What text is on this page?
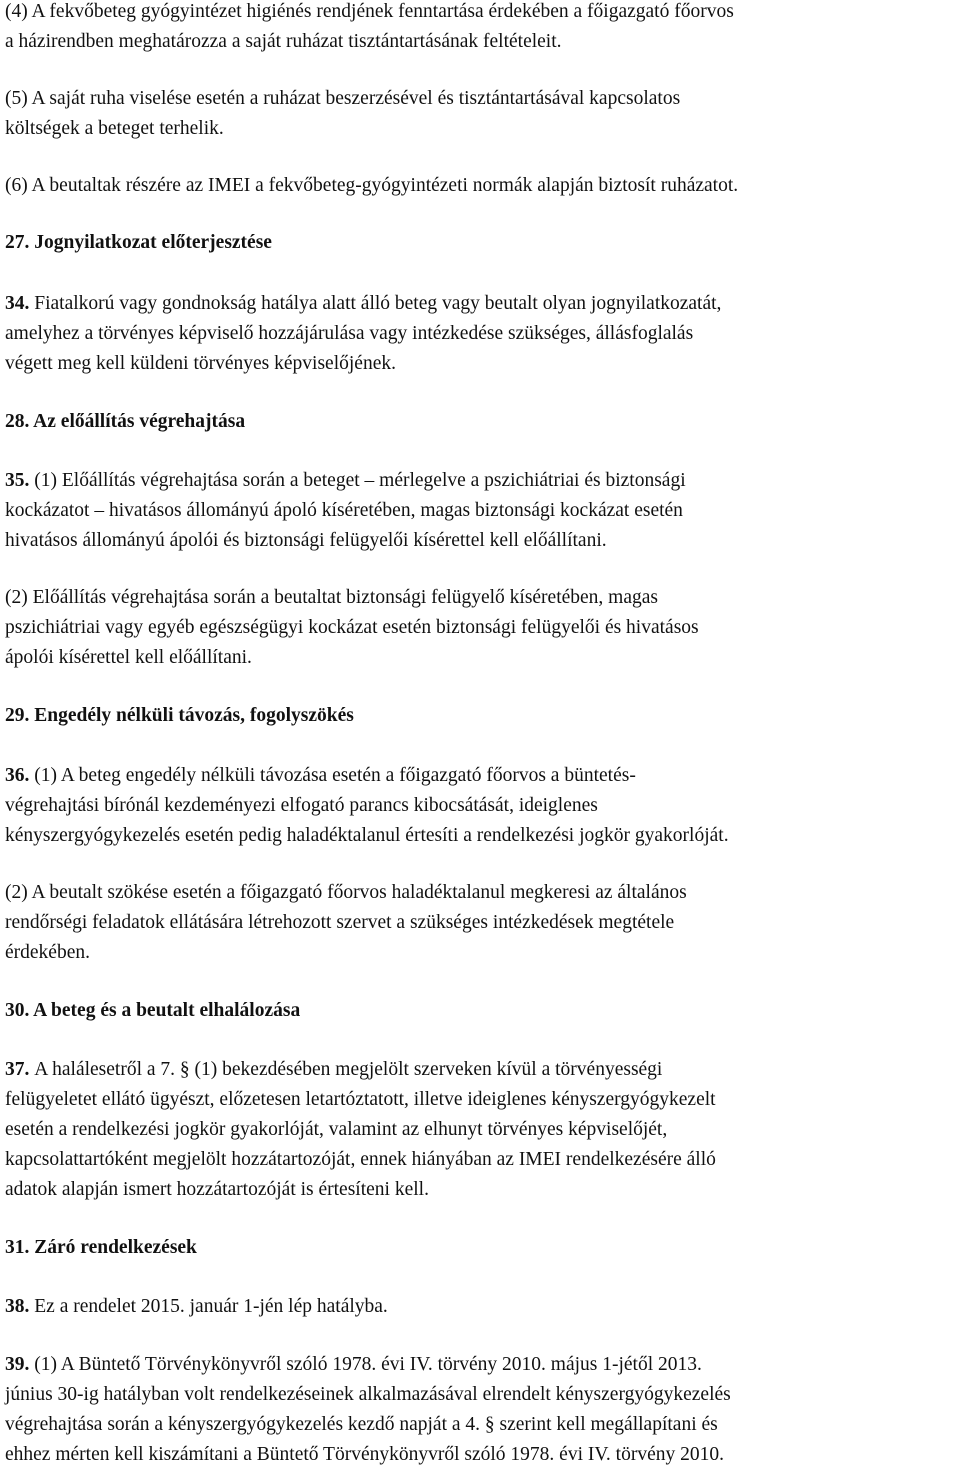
(4) A fekvőbeteg gyógyintézet higiénés rendjének fenntartása érdekében a főigazgató főorvos

a házirendben meghatározza a saját ruházat tisztántartásának feltételeit.

(5) A saját ruha viselése esetén a ruházat beszerzésével és tisztántartásával kapcsolatos

költségek a beteget terhelik.

(6) A beutaltak részére az IMEI a fekvőbeteg-gyógyintézeti normák alapján biztosít ruházatot.

27. Jognyilatkozat előterjesztése

34. Fiatalkorú vagy gondnokság hatálya alatt álló beteg vagy beutalt olyan jognyilatkozatát,

amelyhez a törvényes képviselő hozzájárulása vagy intézkedése szükséges, állásfoglalás

végett meg kell küldeni törvényes képviselőjének.

28. Az előállítás végrehajtása

35. (1) Előállítás végrehajtása során a beteget ‒ mérlegelve a pszichiátriai és biztonsági

kockázatot ‒ hivatásos állományú ápoló kíséretében, magas biztonsági kockázat esetén

hivatásos állományú ápolói és biztonsági felügyelői kísérettel kell előállítani.

(2) Előállítás végrehajtása során a beutaltat biztonsági felügyelő kíséretében, magas

pszichiátriai vagy egyéb egészségügyi kockázat esetén biztonsági felügyelői és hivatásos

ápolói kísérettel kell előállítani.

29. Engedély nélküli távozás, fogolyszökés

36. (1) A beteg engedély nélküli távozása esetén a főigazgató főorvos a büntetés-

végrehajtási bírónál kezdeményezi elfogató parancs kibocsátását, ideiglenes

kényszergyógykezelés esetén pedig haladéktalanul értesíti a rendelkezési jogkör gyakorlóját.

(2) A beutalt szökése esetén a főigazgató főorvos haladéktalanul megkeresi az általános

rendőrségi feladatok ellátására létrehozott szervet a szükséges intézkedések megtétele

érdekében.

30. A beteg és a beutalt elhalálozása

37. A halálesetről a 7. § (1) bekezdésében megjelölt szerveken kívül a törvényességi

felügyeletet ellátó ügyészt, előzetesen letartóztatott, illetve ideiglenes kényszergyógykezelt

esetén a rendelkezési jogkör gyakorlóját, valamint az elhunyt törvényes képviselőjét,

kapcsolattartóként megjelölt hozzátartozóját, ennek hiányában az IMEI rendelkezésére álló

adatok alapján ismert hozzátartozóját is értesíteni kell.

31. Záró rendelkezések

38. Ez a rendelet 2015. január 1-jén lép hatályba.

39. (1) A Büntető Törvénykönyvről szóló 1978. évi IV. törvény 2010. május 1-jétől 2013.

június 30-ig hatályban volt rendelkezéseinek alkalmazásával elrendelt kényszergyógykezelés

végrehajtása során a kényszergyógykezelés kezdő napját a 4. § szerint kell megállapítani és

ehhez mérten kell kiszámítani a Büntető Törvénykönyvről szóló 1978. évi IV. törvény 2010.
